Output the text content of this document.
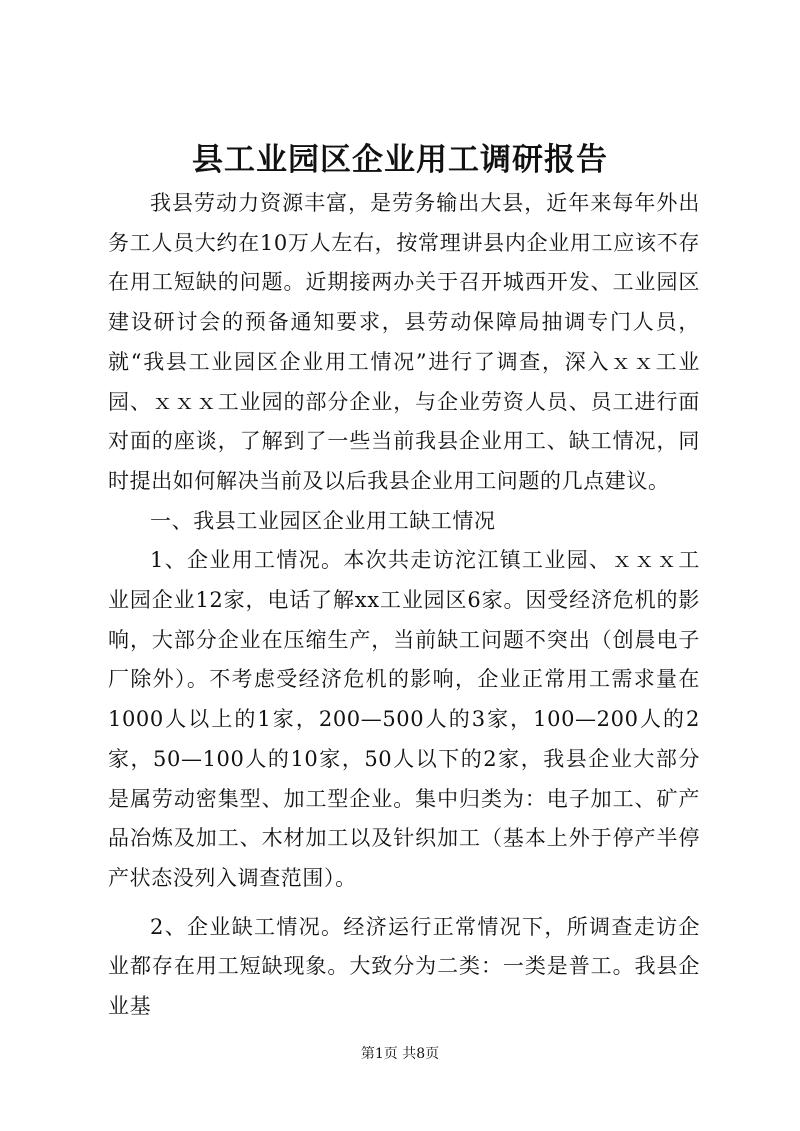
县工业园区企业用工调研报告

我县劳动力资源丰富，是劳务输出大县，近年来每年外出务工人员大约在10万人左右，按常理讲县内企业用工应该不存在用工短缺的问题。近期接两办关于召开城西开发、工业园区建设研讨会的预备通知要求，县劳动保障局抽调专门人员，就“我县工业园区企业用工情况”进行了调查，深入ｘｘ工业园、ｘｘｘ工业园的部分企业，与企业劳资人员、员工进行面对面的座谈，了解到了一些当前我县企业用工、缺工情况，同时提出如何解决当前及以后我县企业用工问题的几点建议。

一、我县工业园区企业用工缺工情况

1、企业用工情况。本次共走访沱江镇工业园、ｘｘｘ工业园企业12家，电话了解xx工业园区6家。因受经济危机的影响，大部分企业在压缩生产，当前缺工问题不突出（创晨电子厂除外）。不考虑受经济危机的影响，企业正常用工需求量在1000人以上的1家，200—500人的3家，100—200人的2家，50—100人的10家，50人以下的2家，我县企业大部分是属劳动密集型、加工型企业。集中归类为：电子加工、矿产品冶炼及加工、木材加工以及针织加工（基本上外于停产半停产状态没列入调查范围）。

2、企业缺工情况。经济运行正常情况下，所调查走访企业都存在用工短缺现象。大致分为二类：一类是普工。我县企业基

第1页 共8页
